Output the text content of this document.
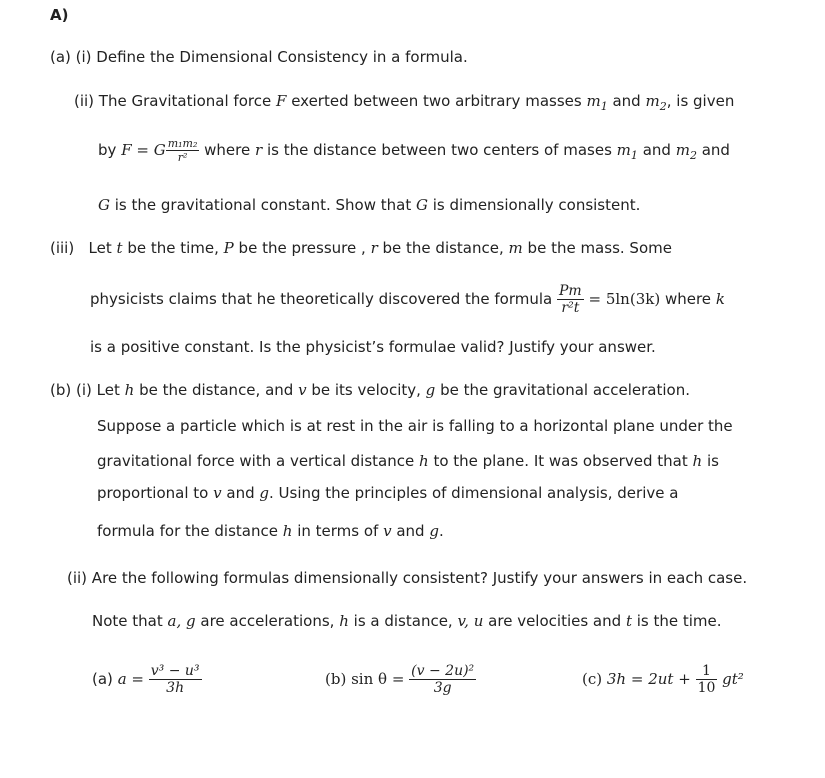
A)
(a) (i) Define the Dimensional Consistency in a formula.
(ii) The Gravitational force F exerted between two arbitrary masses $m_1$ and $m_2$, is given
by F = G $\frac{\text{m₁m₂}}{\text{r²}}$ where r is the distance between two centers of mases $m_1$ and $m_2$ and
G is the gravitational constant. Show that G is dimensionally consistent.
(iii) Let t be the time, P be the pressure , r be the distance, m be the mass. Some
physicists claims that he theoretically discovered the formula $\frac{Pm}{\text{r²t}} = 5\ln(3k)$ where k
is a positive constant. Is the physicist’s formulae valid? Justify your answer.
(b) (i) Let h be the distance, and v be its velocity, g be the gravitational acceleration.
Suppose a particle which is at rest in the air is falling to a horizontal plane under the
gravitational force with a vertical distance h to the plane. It was observed that h is
proportional to v and g. Using the principles of dimensional analysis, derive a
formula for the distance h in terms of v and g.
(ii) Are the following formulas dimensionally consistent? Justify your answers in each case.
Note that a, g are accelerations, h is a distance, v, u are velocities and t is the time.
(a) $a = \frac{\text{v³ − u³}}{3h}$	(b) $\sin \theta = \frac{\text{(v − 2u)²}}{3g}$	(c) $3h = 2ut + \frac{1}{10} gt^2$
